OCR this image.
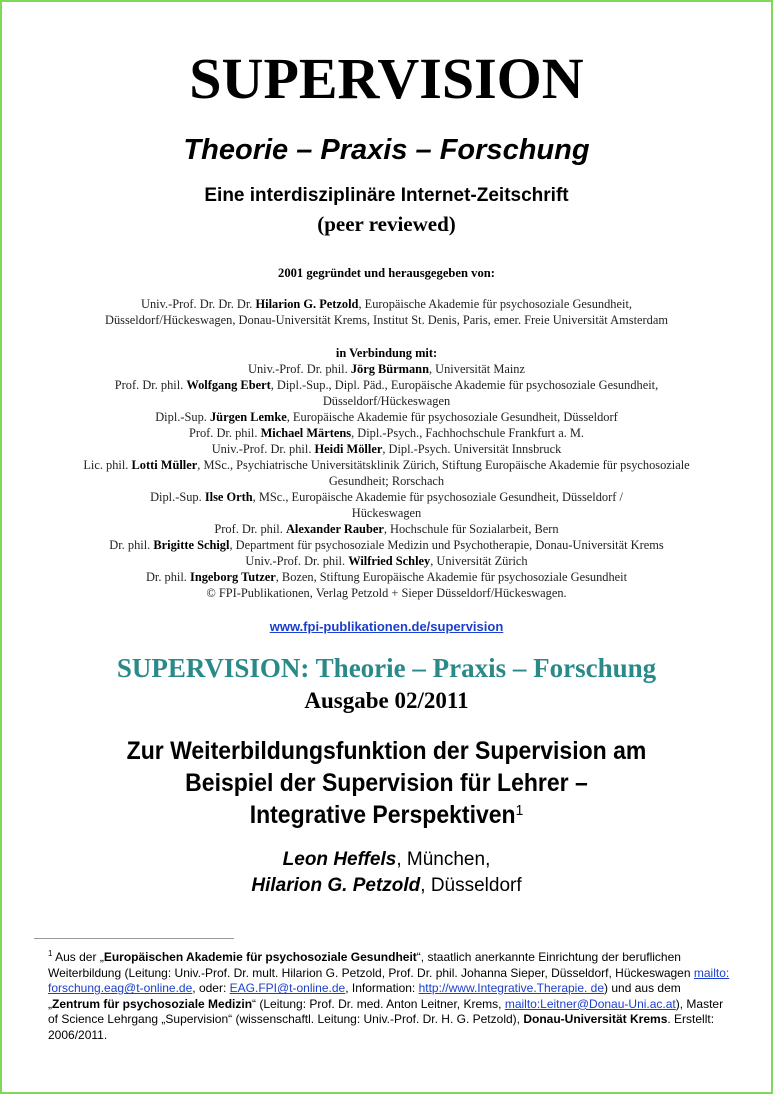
SUPERVISION
Theorie – Praxis – Forschung
Eine interdisziplinäre Internet-Zeitschrift
(peer reviewed)
2001 gegründet und herausgegeben von:
Univ.-Prof. Dr. Dr. Dr. Hilarion G. Petzold, Europäische Akademie für psychosoziale Gesundheit,
Düsseldorf/Hückeswagen, Donau-Universität Krems, Institut St. Denis, Paris, emer. Freie Universität Amsterdam
in Verbindung mit:
Univ.-Prof. Dr. phil. Jörg Bürmann, Universität Mainz
Prof. Dr. phil. Wolfgang Ebert, Dipl.-Sup., Dipl. Päd., Europäische Akademie für psychosoziale Gesundheit,
Düsseldorf/Hückeswagen
Dipl.-Sup. Jürgen Lemke, Europäische Akademie für psychosoziale Gesundheit, Düsseldorf
Prof. Dr. phil. Michael Märtens, Dipl.-Psych., Fachhochschule Frankfurt a. M.
Univ.-Prof. Dr. phil. Heidi Möller, Dipl.-Psych. Universität Innsbruck
Lic. phil. Lotti Müller, MSc., Psychiatrische Universitätsklinik Zürich, Stiftung Europäische Akademie für psychosoziale
Gesundheit; Rorschach
Dipl.-Sup. Ilse Orth, MSc., Europäische Akademie für psychosoziale Gesundheit, Düsseldorf /
Hückeswagen
Prof. Dr. phil. Alexander Rauber, Hochschule für Sozialarbeit, Bern
Dr. phil. Brigitte Schigl, Department für psychosoziale Medizin und Psychotherapie, Donau-Universität Krems
Univ.-Prof. Dr. phil. Wilfried Schley, Universität Zürich
Dr. phil. Ingeborg Tutzer, Bozen, Stiftung Europäische Akademie für psychosoziale Gesundheit
© FPI-Publikationen, Verlag Petzold + Sieper Düsseldorf/Hückeswagen.
www.fpi-publikationen.de/supervision
SUPERVISION: Theorie – Praxis – Forschung
Ausgabe 02/2011
Zur Weiterbildungsfunktion der Supervision am
Beispiel der Supervision für Lehrer –
Integrative Perspektiven$^1$
Leon Heffels, München,
Hilarion G. Petzold, Düsseldorf
$^1$ Aus der „Europäischen Akademie für psychosoziale Gesundheit“, staatlich anerkannte Einrichtung der beruflichen Weiterbildung (Leitung: Univ.-Prof. Dr. mult. Hilarion G. Petzold, Prof. Dr. phil. Johanna Sieper, Düsseldorf, Hückeswagen mailto: forschung.eag@t-online.de, oder: EAG.FPI@t-online.de, Information: http://www.Integrative.Therapie. de) und aus dem „Zentrum für psychosoziale Medizin“ (Leitung: Prof. Dr. med. Anton Leitner, Krems, mailto:Leitner@Donau-Uni.ac.at), Master of Science Lehrgang „Supervision“ (wissenschaftl. Leitung: Univ.-Prof. Dr. H. G. Petzold), Donau-Universität Krems. Erstellt: 2006/2011.
